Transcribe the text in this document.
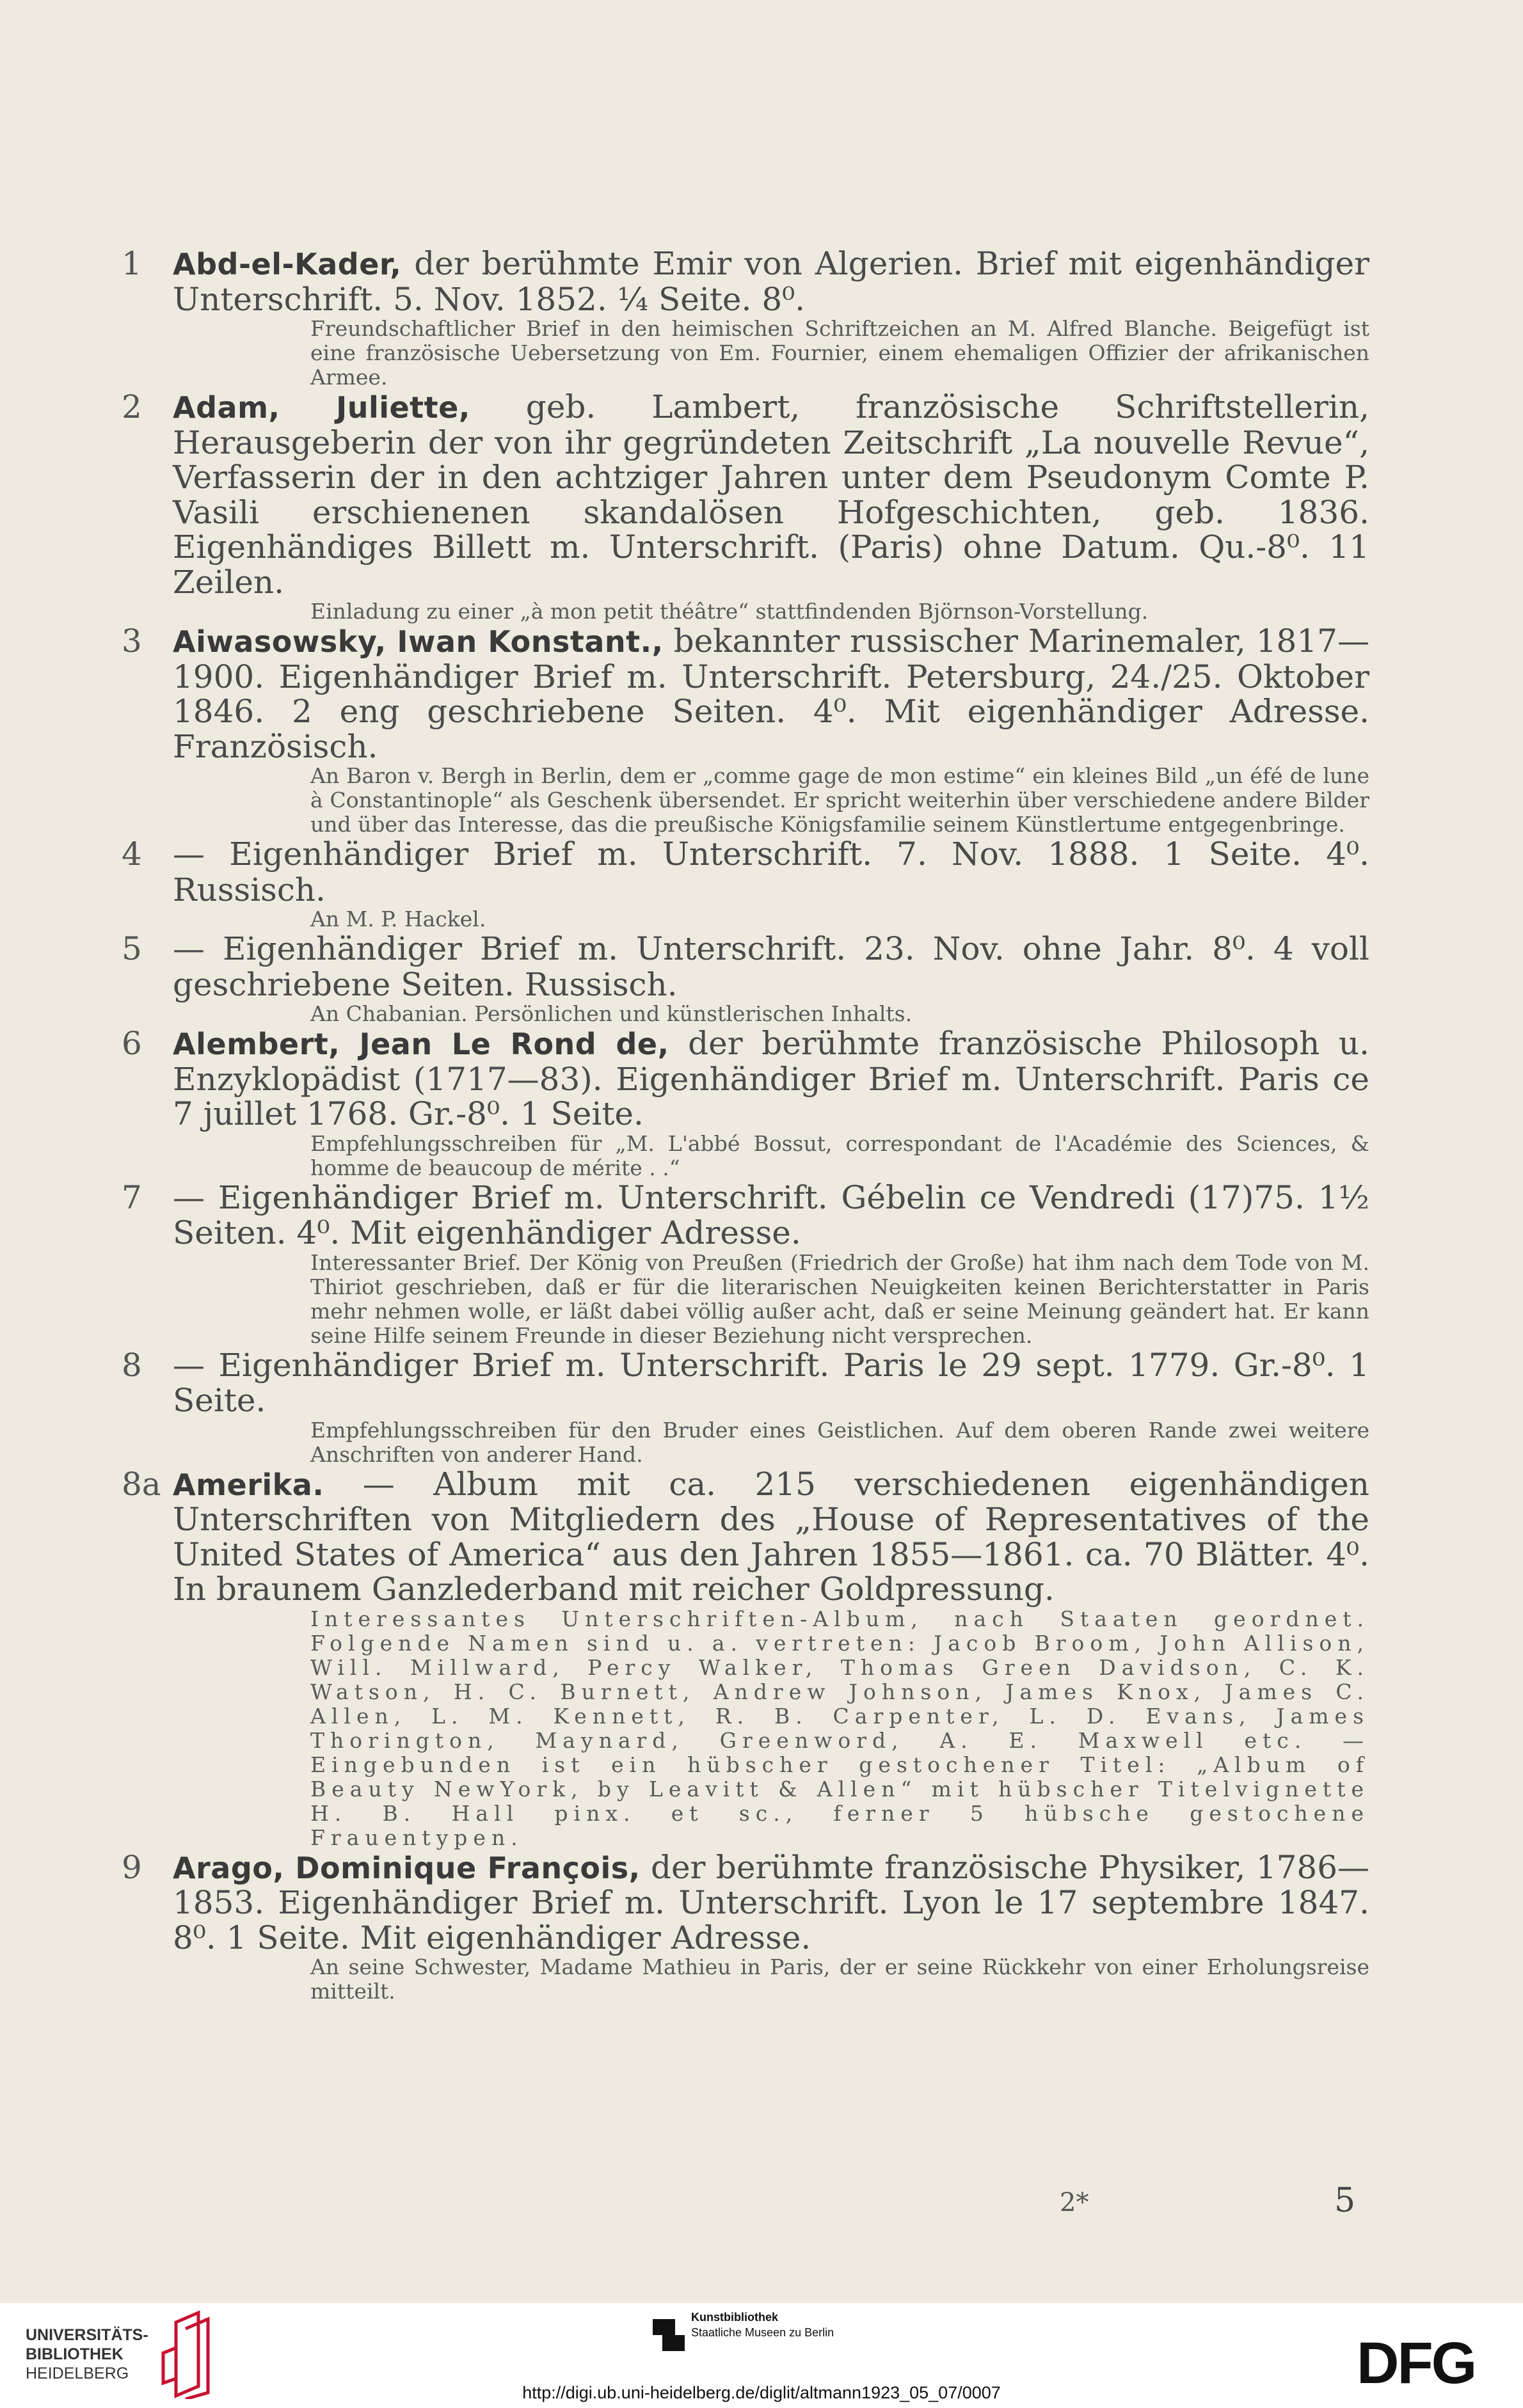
1	Abd-el-Kader, der berühmte Emir von Algerien. Brief mit eigenhändiger Unterschrift. 5. Nov. 1852. ¼ Seite. 8⁰.

Freundschaftlicher Brief in den heimischen Schriftzeichen an M. Alfred Blanche. Beigefügt ist eine französische Uebersetzung von Em. Fournier, einem ehemaligen Offizier der afrikanischen Armee.

2	Adam, Juliette, geb. Lambert, französische Schriftstellerin, Herausgeberin der von ihr gegründeten Zeitschrift „La nouvelle Revue“, Verfasserin der in den achtziger Jahren unter dem Pseudonym Comte P. Vasili erschienenen skandalösen Hofgeschichten, geb. 1836. Eigenhändiges Billett m. Unterschrift. (Paris) ohne Datum. Qu.-8⁰. 11 Zeilen.

Einladung zu einer „à mon petit théâtre“ stattfindenden Björnson-Vorstellung.

3	Aiwasowsky, Iwan Konstant., bekannter russischer Marinemaler, 1817—1900. Eigenhändiger Brief m. Unterschrift. Petersburg, 24./25. Oktober 1846. 2 eng geschriebene Seiten. 4⁰. Mit eigenhändiger Adresse. Französisch.

An Baron v. Bergh in Berlin, dem er „comme gage de mon estime“ ein kleines Bild „un éfé de lune à Constantinople“ als Geschenk übersendet. Er spricht weiterhin über verschiedene andere Bilder und über das Interesse, das die preußische Königsfamilie seinem Künstlertume entgegenbringe.

4 — Eigenhändiger Brief m. Unterschrift. 7. Nov. 1888. 1 Seite. 4⁰. Russisch.

An M. P. Hackel.

5 — Eigenhändiger Brief m. Unterschrift. 23. Nov. ohne Jahr. 8⁰. 4 voll geschriebene Seiten. Russisch.

An Chabanian. Persönlichen und künstlerischen Inhalts.

6	Alembert, Jean Le Rond de, der berühmte französische Philosoph u. Enzyklopädist (1717—83). Eigenhändiger Brief m. Unterschrift. Paris ce 7 juillet 1768. Gr.-8⁰. 1 Seite.

Empfehlungsschreiben für „M. L'abbé Bossut, correspondant de l'Académie des Sciences, & homme de beaucoup de mérite . .“

7 — Eigenhändiger Brief m. Unterschrift. Gébelin ce Vendredi (17)75. 1½ Seiten. 4⁰. Mit eigenhändiger Adresse.

Interessanter Brief. Der König von Preußen (Friedrich der Große) hat ihm nach dem Tode von M. Thiriot geschrieben, daß er für die literarischen Neuigkeiten keinen Berichterstatter in Paris mehr nehmen wolle, er läßt dabei völlig außer acht, daß er seine Meinung geändert hat. Er kann seine Hilfe seinem Freunde in dieser Beziehung nicht versprechen.

8 — Eigenhändiger Brief m. Unterschrift. Paris le 29 sept. 1779. Gr.-8⁰. 1 Seite.

Empfehlungsschreiben für den Bruder eines Geistlichen. Auf dem oberen Rande zwei weitere Anschriften von anderer Hand.

8a Amerika. — Album mit ca. 215 verschiedenen eigenhändigen Unterschriften von Mitgliedern des „House of Representatives of the United States of America“ aus den Jahren 1855—1861. ca. 70 Blätter. 4⁰. In braunem Ganzlederband mit reicher Goldpressung.

Interessantes Unterschriften-Album, nach Staaten geordnet. Folgende Namen sind u. a. vertreten: Jacob Broom, John Allison, Will. Millward, Percy Walker, Thomas Green Davidson, C. K. Watson, H. C. Burnett, Andrew Johnson, James Knox, James C. Allen, L. M. Kennett, R. B. Carpenter, L. D. Evans, James Thorington, Maynard, Greenword, A. E. Maxwell etc. — Eingebunden ist ein hübscher gestochener Titel: „Album of Beauty NewYork, by Leavitt & Allen“ mit hübscher Titelvignette H. B. Hall pinx. et sc., ferner 5 hübsche gestochene Frauentypen.

9	Arago, Dominique François, der berühmte französische Physiker, 1786—1853. Eigenhändiger Brief m. Unterschrift. Lyon le 17 septembre 1847. 8⁰. 1 Seite. Mit eigenhändiger Adresse.

An seine Schwester, Madame Mathieu in Paris, der er seine Rückkehr von einer Erholungsreise mitteilt.

2*	5
UNIVERSITÄTS-
BIBLIOTHEK
HEIDELBERG
Kunstbibliothek
Staatliche Museen zu Berlin	DFG
http://digi.ub.uni-heidelberg.de/diglit/altmann1923_05_07/0007
